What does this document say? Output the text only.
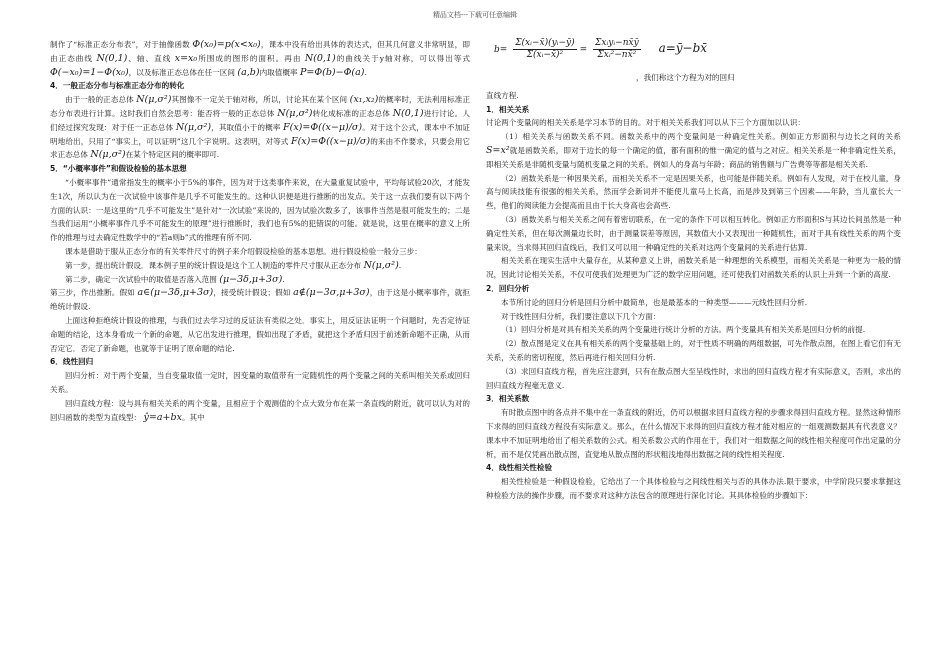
精品文档---下载可任意编辑

制作了“标准正态分布表”，对于抽像函数 Φ(x₀)=p(x<x₀)，课本中没有给出具体的表达式，但其几何意义非常明显，即由正态曲线 N(0,1)、轴、直线 x=x₀所围成的图形的面积。再由 N(0,1)的曲线关于y轴对称，可以得出等式 Φ(−x₀)=1−Φ(x₀)，以及标准正态总体在任一区间 (a,b)内取值概率 P=Φ(b)−Φ(a).

4．一般正态分布与标准正态分布的转化

由于一般的正态总体 N(μ,σ²)其图像不一定关于轴对称，所以，讨论其在某个区间 (x₁,x₂)的概率时，无法利用标准正态分布表进行计算。这时我们自然会思考：能否将一般的正态总体 N(μ,σ²)转化成标准的正态总体 N(0,1)进行讨论。人们经过探究发现：对于任一正态总体 N(μ,σ²)，其取值小于的概率 F(x)=Φ((x−μ)/σ)。对于这个公式，课本中不加证明地给出，只用了“事实上，可以证明”这几个字说明。这表明，对等式 F(x)=Φ((x−μ)/σ)的来由不作要求，只要会用它求正态总体 N(μ,σ²)在某个特定区间的概率即可.

5．“小概率事件”和假设检验的基本思想

“小概率事件”通常指发生的概率小于5%的事件，因为对于这类事件来说，在大量重复试验中，平均每试验20次，才能发生1次，所以认为在一次试验中该事件是几乎不可能发生的。这种认识便是进行推断的出发点。关于这一点我们要有以下两个方面的认识：一是这里的“几乎不可能发生”是针对“一次试验”来说的，因为试验次数多了，该事件当然是很可能发生的；二是当我们运用“小概率事件几乎不可能发生的原理”进行推断时，我们也有5%的犯错误的可能。就是说，这里在概率的意义上所作的推理与过去确定性数学中的“若a则b”式的推理有所不同.

课本是借助于服从正态分布的有关零件尺寸的例子来介绍假设检验的基本思想。进行假设检验一般分三步：

第一步，提出统计假设．课本例子里的统计假设是这个工人制造的零件尺寸服从正态分布 N(μ,σ²).

第二步，确定一次试验中的取值是否落入范围 (μ−3δ,μ+3σ).

第三步，作出推断。假如 a∈(μ−3δ,μ+3σ)，接受统计假设；假如 a∉(μ−3σ,μ+3σ)，由于这是小概率事件，就拒绝统计假设.

上面这种拒绝统计假设的推理，与我们过去学习过的反证法有类似之处．事实上，用反证法证明一个问题时，先否定待证命题的结论，这本身看成一个新的命题，从它出发进行推理，假如出现了矛盾，就把这个矛盾归因于前述新命题不正确，从而否定它．否定了新命题，也就等于证明了原命题的结论.

6．线性回归

回归分析：对于两个变量，当自变量取值一定时，因变量的取值带有一定随机性的两个变量之间的关系叫相关关系或回归关系。

回归直线方程：设与具有相关关系的两个变量，且相应于个观测值的个点大致分布在某一条直线的附近，就可以认为对的回归函数的类型为直线型： ŷ=a+bx。其中

$b= \frac{\text{Σ(xᵢ−x̄)(yᵢ−ȳ)}}{\text{Σ(xᵢ−x̄)²}} = \frac{\text{Σxᵢyᵢ−nx̄ȳ}}{\text{Σxᵢ²−nx̄²}}$ a=ȳ−bx̄

，我们称这个方程为对的回归

直线方程.

1．相关关系

讨论两个变量间的相关关系是学习本节的目的。对于相关关系我们可以从下三个方面加以认识：

（1）相关关系与函数关系不同。函数关系中的两个变量间是一种确定性关系。例如正方形面积与边长之间的关系 S=x²就是函数关系，即对于边长的每一个确定的值，都有面积的惟一确定的值与之对应。相关关系是一种非确定性关系，即相关关系是非随机变量与随机变量之间的关系。例如人的身高与年龄；商品的销售额与广告费等等都是相关关系.

（2）函数关系是一种因果关系，而相关关系不一定是因果关系，也可能是伴随关系。例如有人发现，对于在校儿童，身高与阅读技能有很强的相关关系，然而学会新词并不能使儿童马上长高，而是涉及到第三个因素——年龄，当儿童长大一些，他们的阅读能力会提高而且由于长大身高也会高些.

（3）函数关系与相关关系之间有着密切联系，在一定的条件下可以相互转化。例如正方形面积S与其边长间虽然是一种确定性关系，但在每次测量边长时，由于测量误差等原因，其数值大小又表现出一种随机性，而对于具有线性关系的两个变量来说，当求得其回归直线后，我们又可以用一种确定性的关系对这两个变量间的关系进行估算.

相关关系在现实生活中大量存在，从某种意义上讲，函数关系是一种理想的关系模型，而相关关系是一种更为一般的情况，因此讨论相关关系，不仅可使我们处理更为广泛的数学应用问题，还可使我们对函数关系的认识上升到一个新的高度.

2．回归分析

本节所讨论的回归分析是回归分析中最简单，也是最基本的一种类型———元线性回归分析.

对于线性回归分析，我们要注意以下几个方面：

（1）回归分析是对具有相关关系的两个变量进行统计分析的方法。两个变量具有相关关系是回归分析的前提.

（2）散点图是定义在具有相关系的两个变量基础上的，对于性质不明确的两组数据，可先作散点图，在图上看它们有无关系，关系的密切程度，然后再进行相关回归分析.

（3）求回归直线方程，首先应注意到，只有在散点图大至呈线性时，求出的回归直线方程才有实际意义，否则，求出的回归直线方程毫无意义.

3．相关系数

有时散点图中的各点并不集中在一条直线的附近，仍可以根据求回归直线方程的步骤求得回归直线方程。显然这种情形下求得的回归直线方程没有实际意义。那么，在什么情况下求得的回归直线方程才能对相应的一组观测数据具有代表意义？课本中不加证明地给出了相关系数的公式。相关系数公式的作用在于，我们对一组数据之间的线性相关程度可作出定量的分析，而不是仅凭画出散点图，直觉地从散点图的形状粗浅地得出数据之间的线性相关程度.

4．线性相关性检验

相关性检验是一种假设检验，它给出了一个具体检验与之间线性相关与否的具体办法.限于要求，中学阶段只要求掌握这种检验方法的操作步骤，而不要求对这种方法包含的原理进行深化讨论。其具体检验的步骤如下：
